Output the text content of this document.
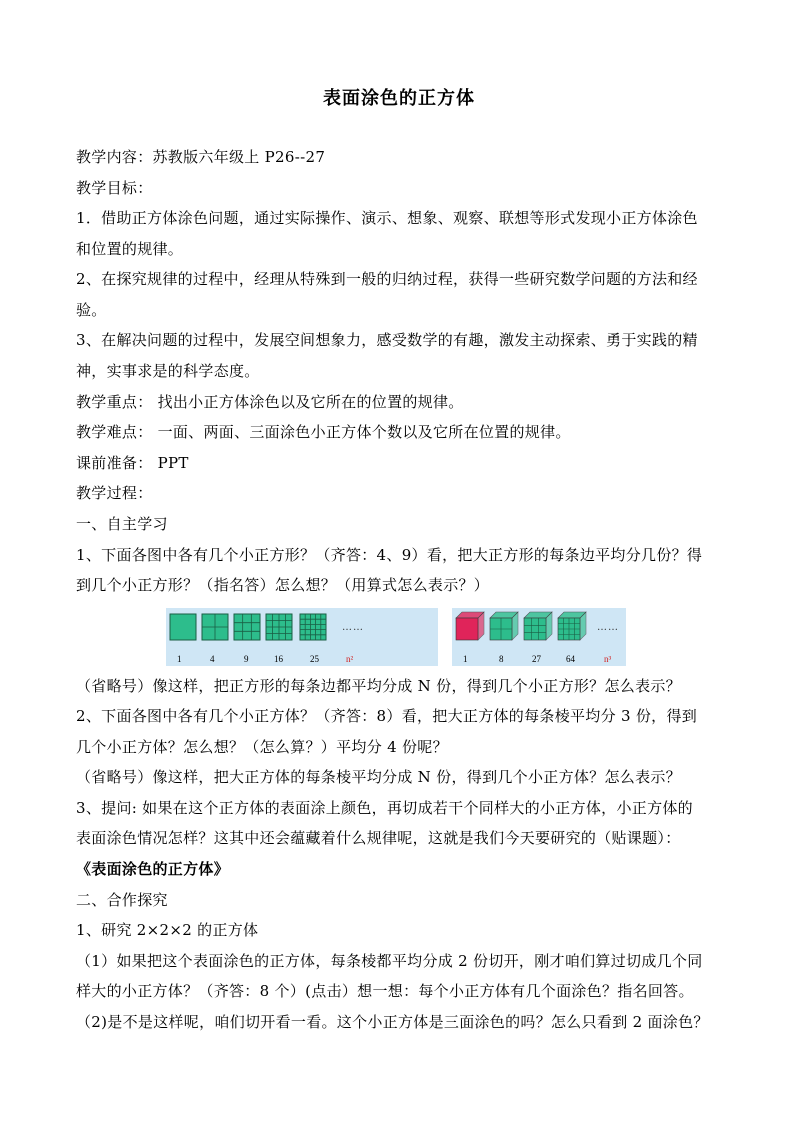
表面涂色的正方体
教学内容：苏教版六年级上 P26--27
教学目标：
1．借助正方体涂色问题，通过实际操作、演示、想象、观察、联想等形式发现小正方体涂色
和位置的规律。
2、在探究规律的过程中，经理从特殊到一般的归纳过程，获得一些研究数学问题的方法和经
验。
3、在解决问题的过程中，发展空间想象力，感受数学的有趣，激发主动探索、勇于实践的精
神，实事求是的科学态度。
教学重点： 找出小正方体涂色以及它所在的位置的规律。
教学难点： 一面、两面、三面涂色小正方体个数以及它所在位置的规律。
课前准备： PPT
教学过程：
一、自主学习
1、下面各图中各有几个小正方形？（齐答：4、9）看，把大正方形的每条边平均分几份？得
到几个小正方形？（指名答）怎么想？（用算式怎么表示？）
……
1	4	9	16	25	n²
……
1	8	27	64	n³
（省略号）像这样，把正方形的每条边都平均分成 N 份，得到几个小正方形？怎么表示？
2、下面各图中各有几个小正方体？（齐答：8）看，把大正方体的每条棱平均分 3 份，得到
几个小正方体？怎么想？（怎么算？）平均分 4 份呢？
（省略号）像这样，把大正方体的每条棱平均分成 N 份，得到几个小正方体？怎么表示？
3、提问: 如果在这个正方体的表面涂上颜色，再切成若干个同样大的小正方体，小正方体的
表面涂色情况怎样？这其中还会蕴藏着什么规律呢，这就是我们今天要研究的（贴课题）：
《表面涂色的正方体》
二、合作探究
1、研究 2×2×2 的正方体
（1）如果把这个表面涂色的正方体，每条棱都平均分成 2 份切开，刚才咱们算过切成几个同
样大的小正方体？（齐答：8 个）(点击）想一想：每个小正方体有几个面涂色？指名回答。
（2)是不是这样呢，咱们切开看一看。这个小正方体是三面涂色的吗？怎么只看到 2 面涂色？
